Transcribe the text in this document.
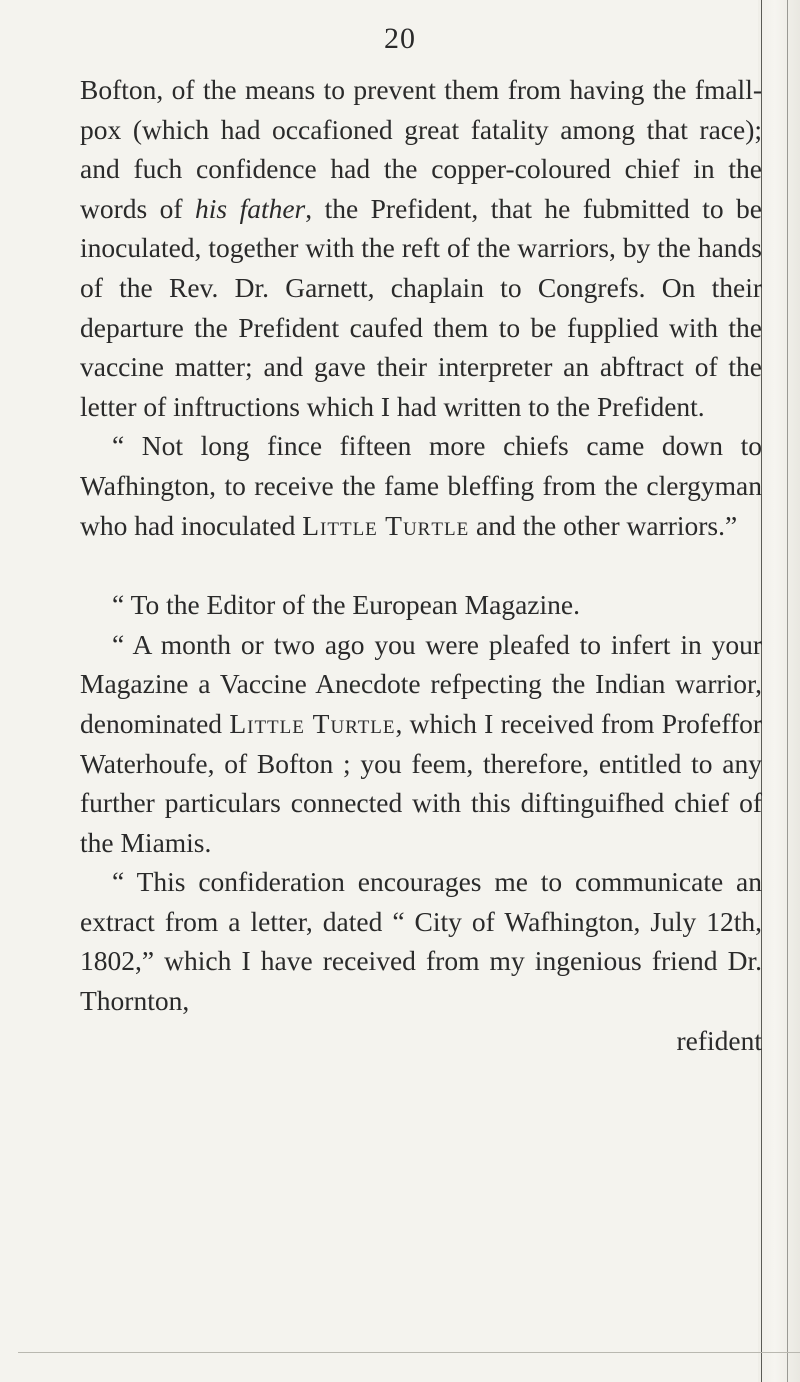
20

Bofton, of the means to prevent them from having the fmall-pox (which had occafioned great fatality among that race); and fuch confidence had the copper-coloured chief in the words of his father, the Prefident, that he fubmitted to be inoculated, together with the reft of the warriors, by the hands of the Rev. Dr. Garnett, chaplain to Congrefs. On their departure the Prefident caufed them to be fupplied with the vaccine matter; and gave their interpreter an abftract of the letter of inftructions which I had written to the Prefident.

“ Not long fince fifteen more chiefs came down to Wafhington, to receive the fame bleffing from the clergyman who had inoculated Little Turtle and the other warriors.”

“ To the Editor of the European Magazine.

“ A month or two ago you were pleafed to infert in your Magazine a Vaccine Anecdote refpecting the Indian warrior, denominated Little Turtle, which I received from Profeffor Waterhoufe, of Bofton ; you feem, therefore, entitled to any further particulars connected with this diftinguifhed chief of the Miamis.

“ This confideration encourages me to communicate an extract from a letter, dated “ City of Wafhington, July 12th, 1802,” which I have received from my ingenious friend Dr. Thornton,

refident
